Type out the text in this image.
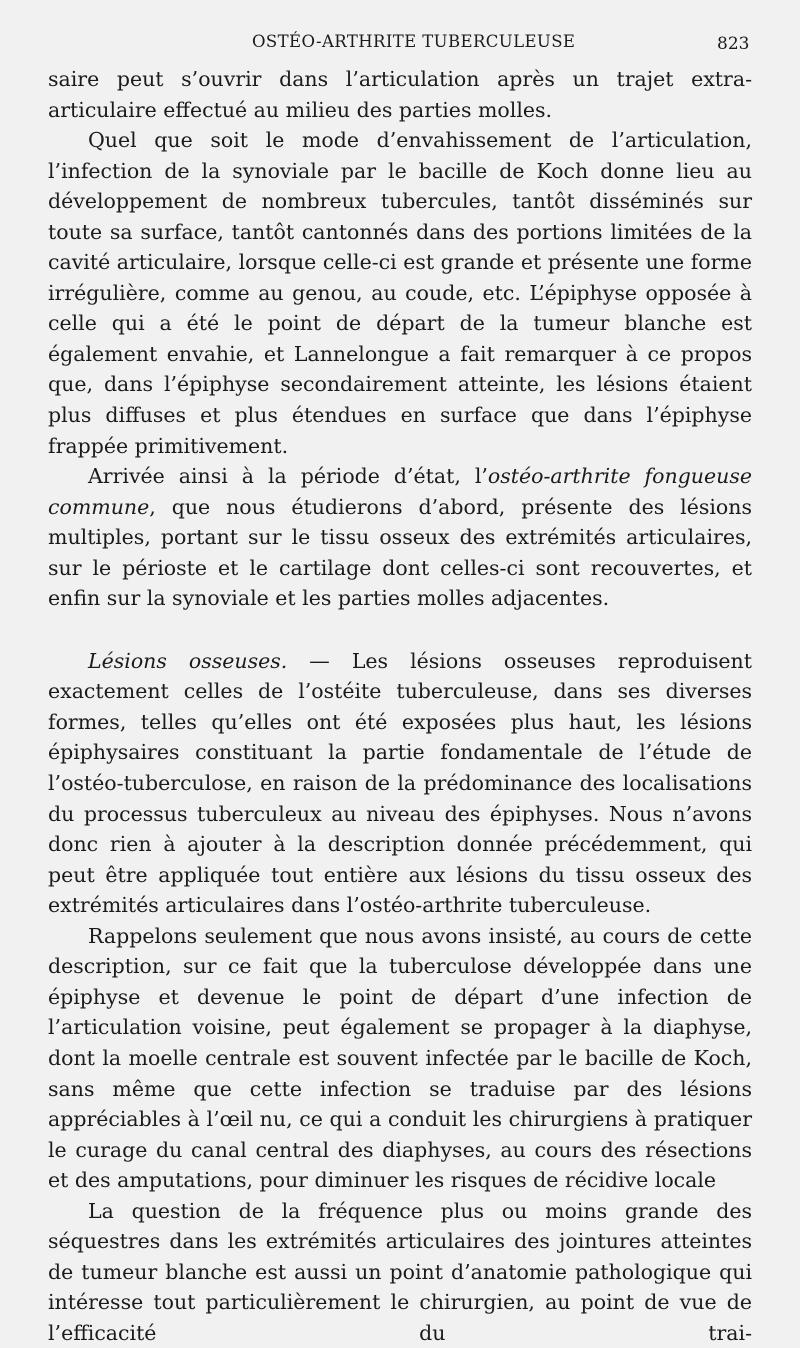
OSTÉO-ARTHRITE TUBERCULEUSE	823

saire peut s’ouvrir dans l’articulation après un trajet extra-articulaire effectué au milieu des parties molles.

Quel que soit le mode d’envahissement de l’articulation, l’infection de la synoviale par le bacille de Koch donne lieu au développement de nombreux tubercules, tantôt disséminés sur toute sa surface, tantôt cantonnés dans des portions limitées de la cavité articulaire, lorsque celle-ci est grande et présente une forme irrégulière, comme au genou, au coude, etc. L’épiphyse opposée à celle qui a été le point de départ de la tumeur blanche est également envahie, et Lannelongue a fait remarquer à ce propos que, dans l’épiphyse secondairement atteinte, les lésions étaient plus diffuses et plus étendues en surface que dans l’épiphyse frappée primitivement.

Arrivée ainsi à la période d’état, l’ostéo-arthrite fongueuse commune, que nous étudierons d’abord, présente des lésions multiples, portant sur le tissu osseux des extrémités articulaires, sur le périoste et le cartilage dont celles-ci sont recouvertes, et enfin sur la synoviale et les parties molles adjacentes.

Lésions osseuses. — Les lésions osseuses reproduisent exactement celles de l’ostéite tuberculeuse, dans ses diverses formes, telles qu’elles ont été exposées plus haut, les lésions épiphysaires constituant la partie fondamentale de l’étude de l’ostéo-tuberculose, en raison de la prédominance des localisations du processus tuberculeux au niveau des épiphyses. Nous n’avons donc rien à ajouter à la description donnée précédemment, qui peut être appliquée tout entière aux lésions du tissu osseux des extrémités articulaires dans l’ostéo-arthrite tuberculeuse.

Rappelons seulement que nous avons insisté, au cours de cette description, sur ce fait que la tuberculose développée dans une épiphyse et devenue le point de départ d’une infection de l’articulation voisine, peut également se propager à la diaphyse, dont la moelle centrale est souvent infectée par le bacille de Koch, sans même que cette infection se traduise par des lésions appréciables à l’œil nu, ce qui a conduit les chirurgiens à pratiquer le curage du canal central des diaphyses, au cours des résections et des amputations, pour diminuer les risques de récidive locale

La question de la fréquence plus ou moins grande des séquestres dans les extrémités articulaires des jointures atteintes de tumeur blanche est aussi un point d’anatomie pathologique qui intéresse tout particulièrement le chirurgien, au point de vue de l’efficacité du trai-
